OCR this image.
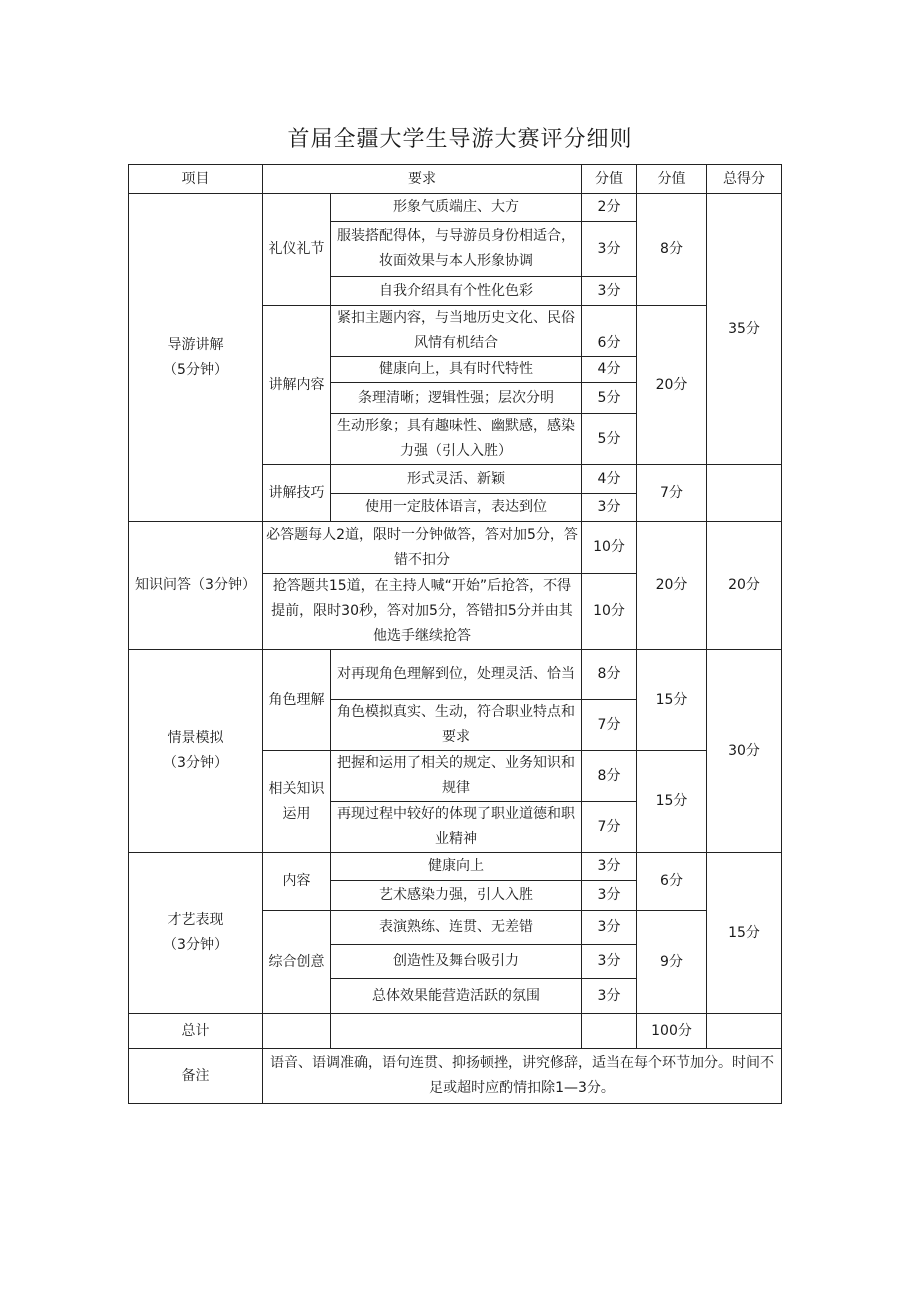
首届全疆大学生导游大赛评分细则
项目	要求		分值	分值	总得分

导游讲解
（5分钟）	礼仪礼节	形象气质端庄、大方	2分	8分	35分
		服装搭配得体，与导游员身份相适合，妆面效果与本人形象协调	3分		
		自我介绍具有个性化色彩	3分		
	讲解内容	紧扣主题内容，与当地历史文化、民俗风情有机结合	6分	20分	
		健康向上，具有时代特性	4分		
		条理清晰；逻辑性强；层次分明	5分		
		生动形象；具有趣味性、幽默感，感染力强（引人入胜）	5分		
	讲解技巧	形式灵活、新颖	4分	7分	
		使用一定肢体语言，表达到位	3分		
知识问答（3分钟）	必答题每人2道，限时一分钟做答，答对加5分，答错不扣分		10分	20分	20分
	抢答题共15道，在主持人喊“开始”后抢答，不得提前，限时30秒，答对加5分，答错扣5分并由其他选手继续抢答		10分		

情景模拟
（3分钟）	角色理解	对再现角色理解到位，处理灵活、恰当	8分	15分	30分
		角色模拟真实、生动，符合职业特点和要求	7分		
	相关知识运用	把握和运用了相关的规定、业务知识和规律	8分	15分	
		再现过程中较好的体现了职业道德和职业精神	7分		

才艺表现
（3分钟）	内容	健康向上	3分	6分	15分
		艺术感染力强，引人入胜	3分		
	综合创意	表演熟练、连贯、无差错	3分	9分	
		创造性及舞台吸引力	3分		
		总体效果能营造活跃的氛围	3分		
总计				100分	
备注	语音、语调准确，语句连贯、抑扬顿挫，讲究修辞，适当在每个环节加分。时间不足或超时应酌情扣除1—3分。				
